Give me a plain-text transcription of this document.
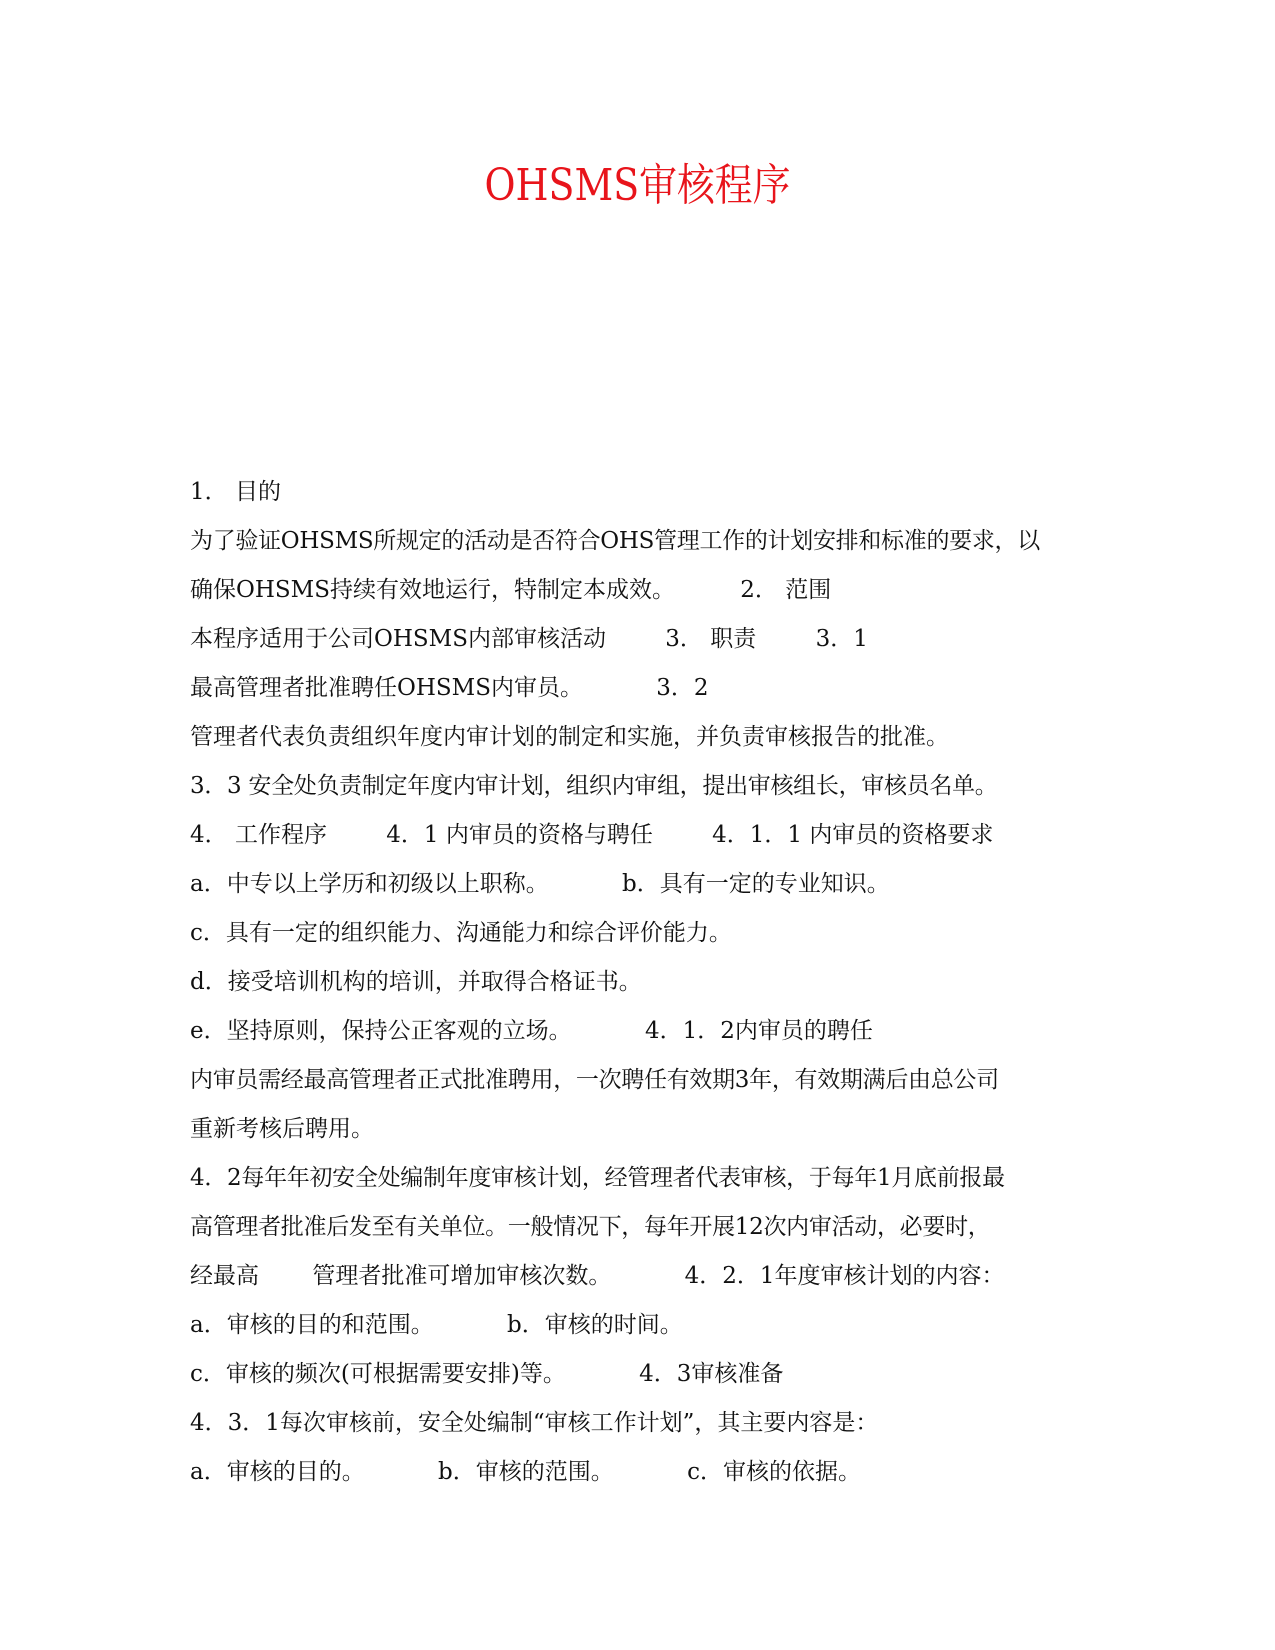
OHSMS审核程序
1． 目的
为了验证OHSMS所规定的活动是否符合OHS管理工作的计划安排和标准的要求，以
确保OHSMS持续有效地运行，特制定本成效。	2． 范围
本程序适用于公司OHSMS内部审核活动	3． 职责	3．1
最高管理者批准聘任OHSMS内审员。	3．2
管理者代表负责组织年度内审计划的制定和实施，并负责审核报告的批准。
3．3 安全处负责制定年度内审计划，组织内审组，提出审核组长，审核员名单。
4． 工作程序	4．1 内审员的资格与聘任	4．1．1 内审员的资格要求
a．中专以上学历和初级以上职称。	b．具有一定的专业知识。
c．具有一定的组织能力、沟通能力和综合评价能力。
d．接受培训机构的培训，并取得合格证书。
e．坚持原则，保持公正客观的立场。	4．1．2内审员的聘任
内审员需经最高管理者正式批准聘用，一次聘任有效期3年，有效期满后由总公司
重新考核后聘用。
4．2每年年初安全处编制年度审核计划，经管理者代表审核，于每年1月底前报最
高管理者批准后发至有关单位。一般情况下，每年开展12次内审活动，必要时，
经最高 管理者批准可增加审核次数。	4．2．1年度审核计划的内容：
a．审核的目的和范围。	b．审核的时间。
c．审核的频次(可根据需要安排)等。	4．3审核准备
4．3．1每次审核前，安全处编制“审核工作计划”，其主要内容是：
a．审核的目的。	b．审核的范围。	c．审核的依据。
